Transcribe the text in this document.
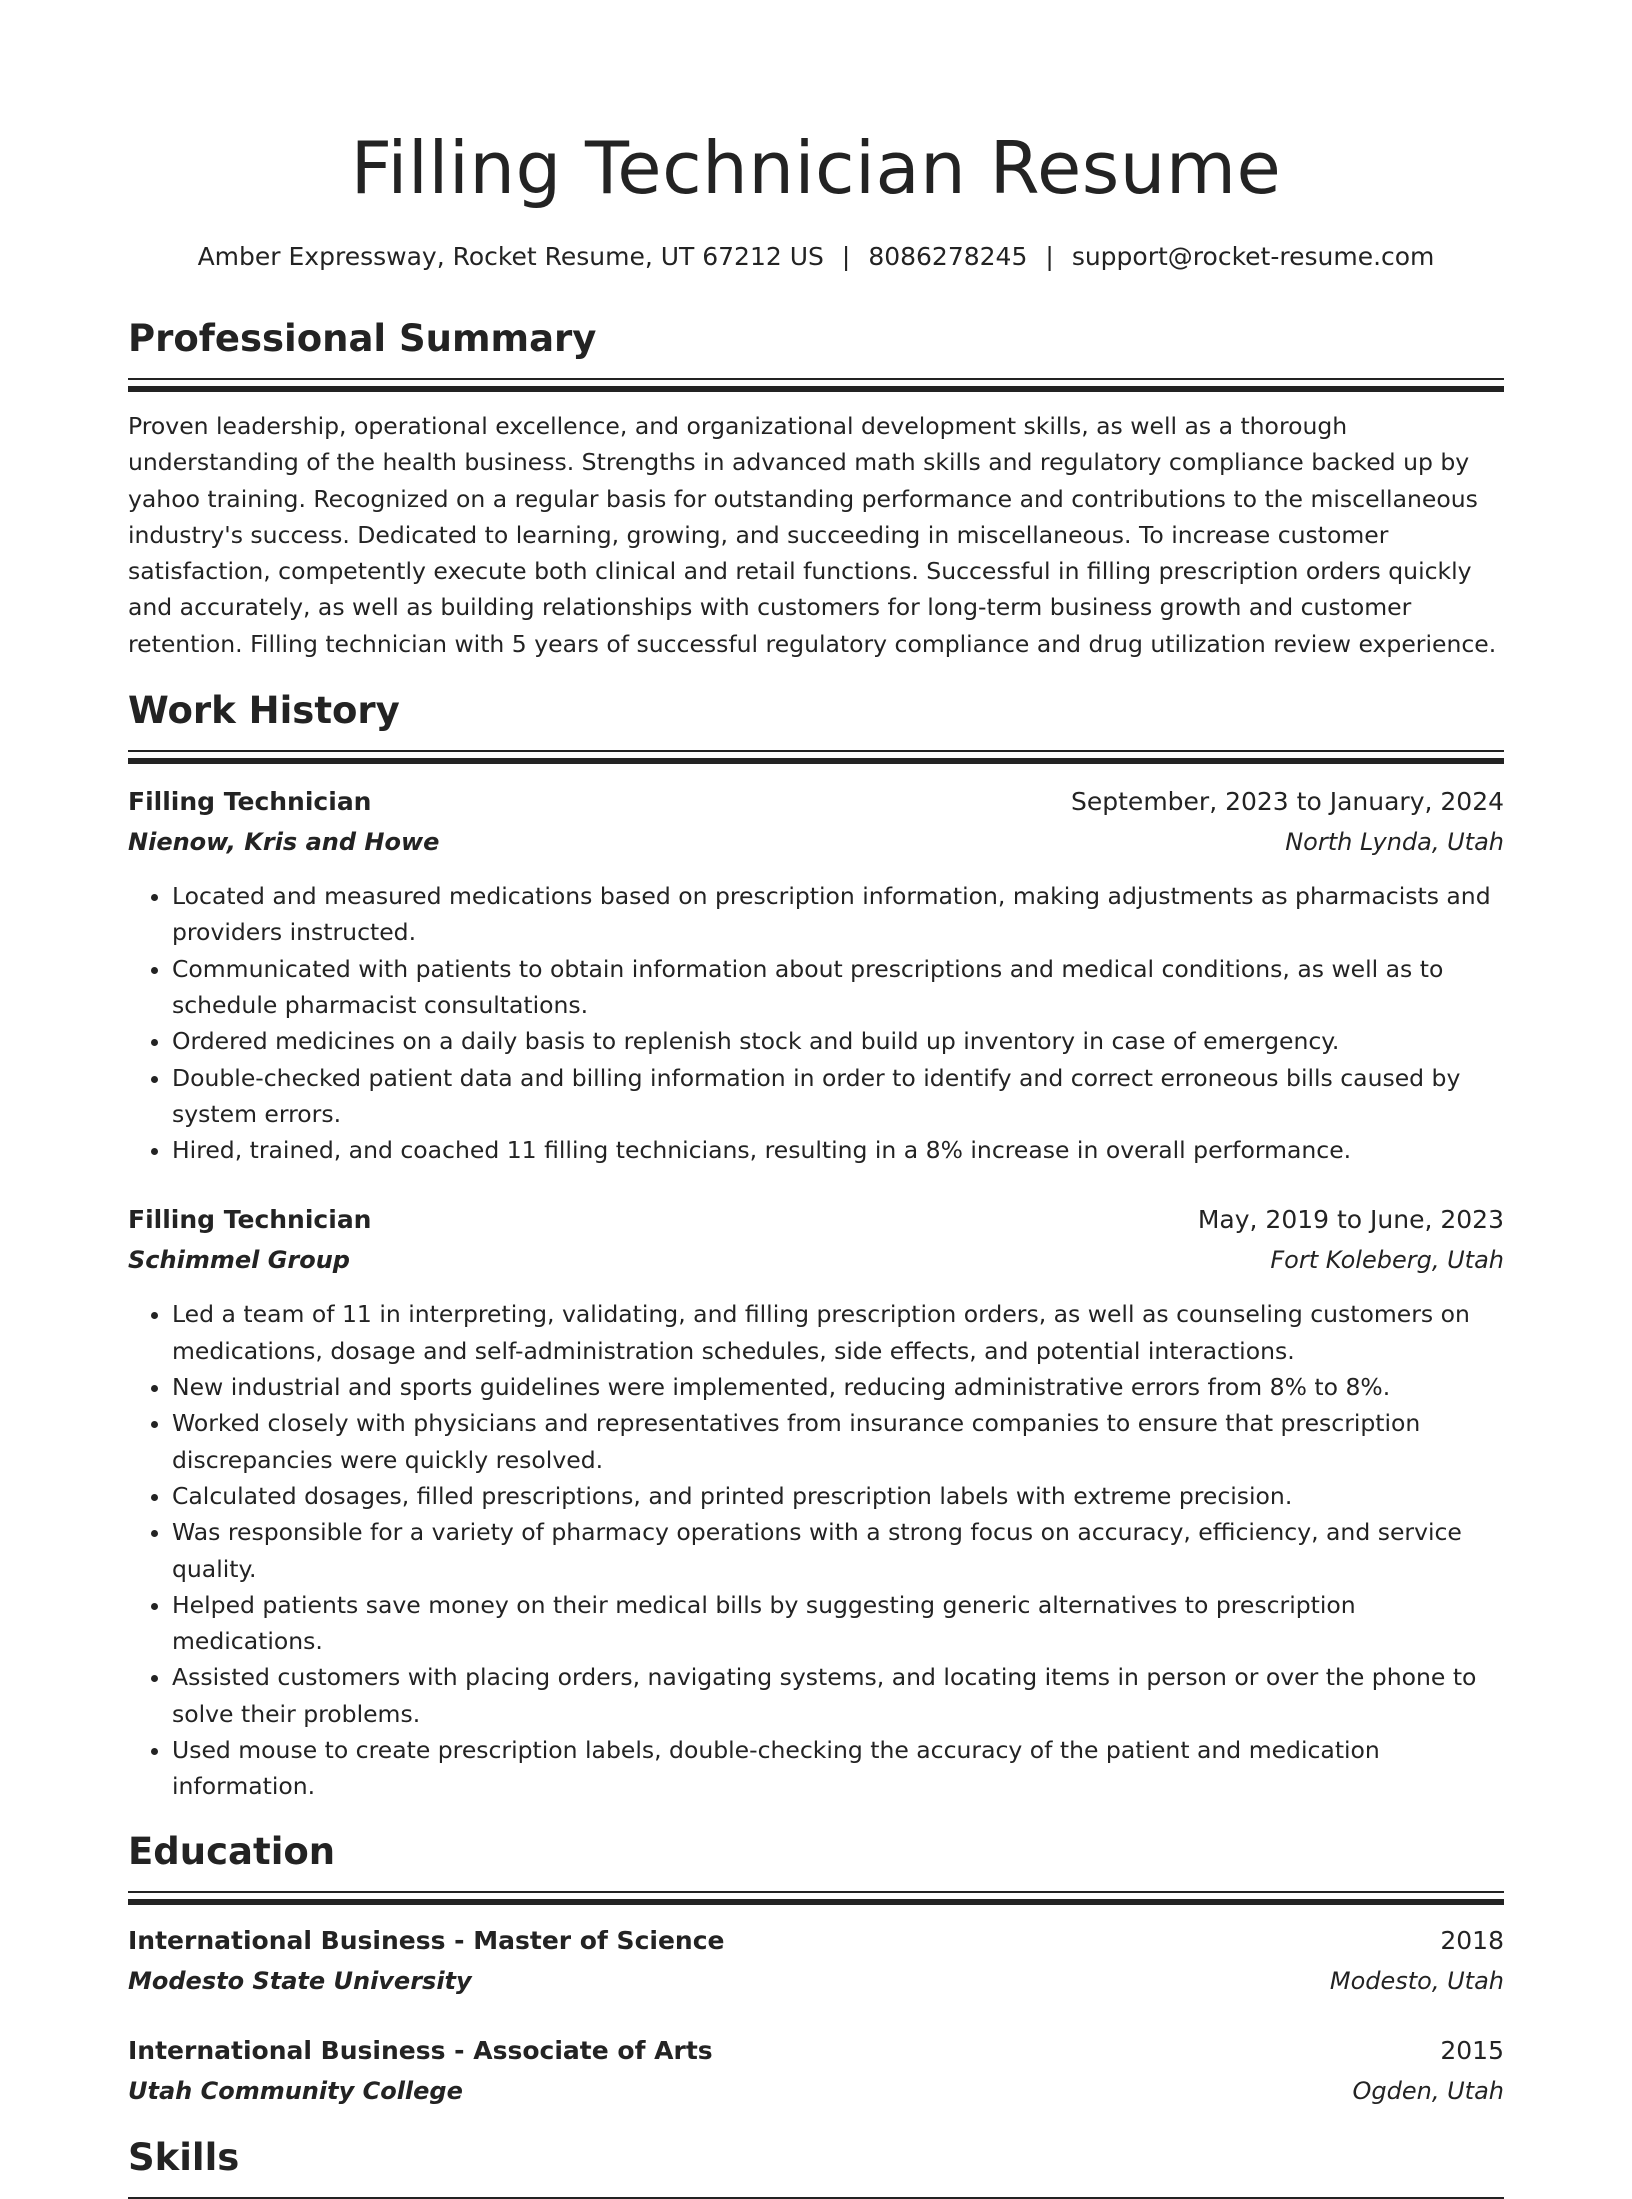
Filling Technician Resume
Amber Expressway, Rocket Resume, UT 67212 US | 8086278245 | support@rocket-resume.com
Professional Summary

Proven leadership, operational excellence, and organizational development skills, as well as a thorough understanding of the health business. Strengths in advanced math skills and regulatory compliance backed up by yahoo training. Recognized on a regular basis for outstanding performance and contributions to the miscellaneous industry's success. Dedicated to learning, growing, and succeeding in miscellaneous. To increase customer satisfaction, competently execute both clinical and retail functions. Successful in filling prescription orders quickly and accurately, as well as building relationships with customers for long-term business growth and customer retention. Filling technician with 5 years of successful regulatory compliance and drug utilization review experience.

Work History
Filling Technician	September, 2023 to January, 2024
Nienow, Kris and Howe	North Lynda, Utah
• Located and measured medications based on prescription information, making adjustments as pharmacists and providers instructed.
• Communicated with patients to obtain information about prescriptions and medical conditions, as well as to schedule pharmacist consultations.
• Ordered medicines on a daily basis to replenish stock and build up inventory in case of emergency.
• Double-checked patient data and billing information in order to identify and correct erroneous bills caused by system errors.
• Hired, trained, and coached 11 filling technicians, resulting in a 8% increase in overall performance.
Filling Technician	May, 2019 to June, 2023
Schimmel Group	Fort Koleberg, Utah
• Led a team of 11 in interpreting, validating, and filling prescription orders, as well as counseling customers on medications, dosage and self-administration schedules, side effects, and potential interactions.
• New industrial and sports guidelines were implemented, reducing administrative errors from 8% to 8%.
• Worked closely with physicians and representatives from insurance companies to ensure that prescription discrepancies were quickly resolved.
• Calculated dosages, filled prescriptions, and printed prescription labels with extreme precision.
• Was responsible for a variety of pharmacy operations with a strong focus on accuracy, efficiency, and service quality.
• Helped patients save money on their medical bills by suggesting generic alternatives to prescription medications.
• Assisted customers with placing orders, navigating systems, and locating items in person or over the phone to solve their problems.
• Used mouse to create prescription labels, double-checking the accuracy of the patient and medication information.
Education
International Business - Master of Science	2018
Modesto State University	Modesto, Utah
International Business - Associate of Arts	2015
Utah Community College	Ogden, Utah
Skills
